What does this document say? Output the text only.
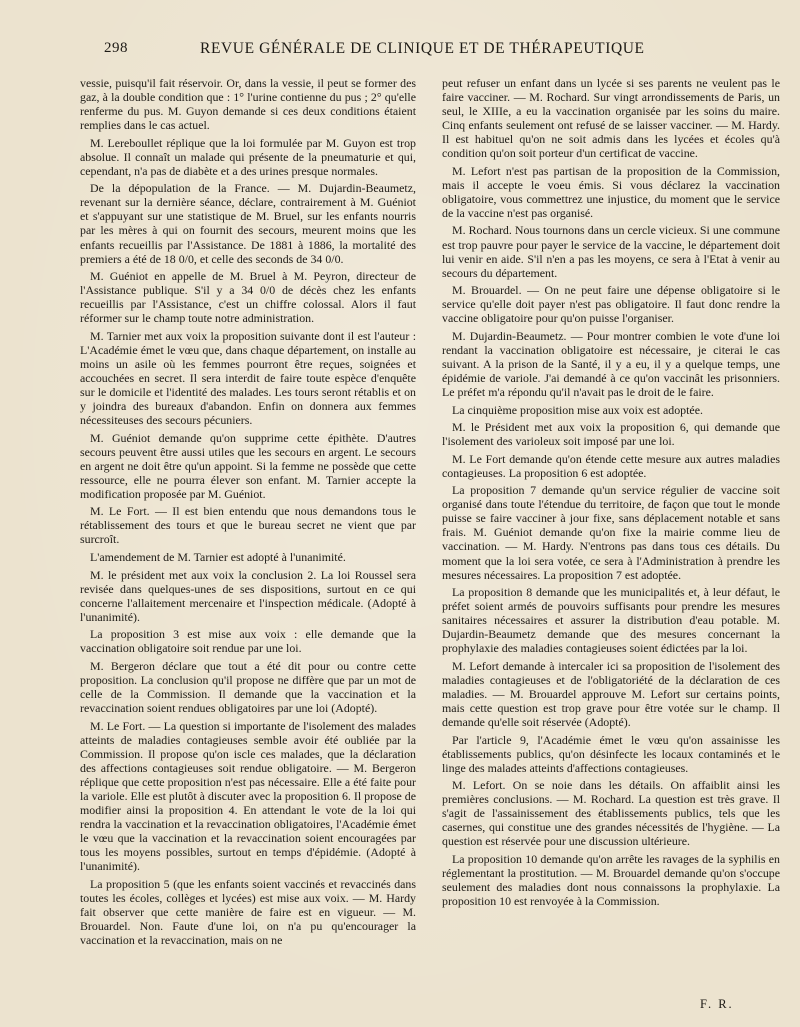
298	REVUE GÉNÉRALE DE CLINIQUE ET DE THÉRAPEUTIQUE

vessie, puisqu'il fait réservoir. Or, dans la vessie, il peut se former des gaz, à la double condition que : 1° l'urine contienne du pus ; 2° qu'elle renferme du pus. M. Guyon demande si ces deux conditions étaient remplies dans le cas actuel.

M. Lereboullet réplique que la loi formulée par M. Guyon est trop absolue. Il connaît un malade qui présente de la pneumaturie et qui, cependant, n'a pas de diabète et a des urines presque normales.

De la dépopulation de la France. — M. Dujardin-Beaumetz, revenant sur la dernière séance, déclare, contrairement à M. Guéniot et s'appuyant sur une statistique de M. Bruel, sur les enfants nourris par les mères à qui on fournit des secours, meurent moins que les enfants recueillis par l'Assistance. De 1881 à 1886, la mortalité des premiers a été de 18 0/0, et celle des seconds de 34 0/0.

M. Guéniot en appelle de M. Bruel à M. Peyron, directeur de l'Assistance publique. S'il y a 34 0/0 de décès chez les enfants recueillis par l'Assistance, c'est un chiffre colossal. Alors il faut réformer sur le champ toute notre administration.

M. Tarnier met aux voix la proposition suivante dont il est l'auteur : L'Académie émet le vœu que, dans chaque département, on installe au moins un asile où les femmes pourront être reçues, soignées et accouchées en secret. Il sera interdit de faire toute espèce d'enquête sur le domicile et l'identité des malades. Les tours seront rétablis et on y joindra des bureaux d'abandon. Enfin on donnera aux femmes nécessiteuses des secours pécuniers.

M. Guéniot demande qu'on supprime cette épithète. D'autres secours peuvent être aussi utiles que les secours en argent. Le secours en argent ne doit être qu'un appoint. Si la femme ne possède que cette ressource, elle ne pourra élever son enfant. M. Tarnier accepte la modification proposée par M. Guéniot.

M. Le Fort. — Il est bien entendu que nous demandons tous le rétablissement des tours et que le bureau secret ne vient que par surcroît.

L'amendement de M. Tarnier est adopté à l'unanimité.

M. le président met aux voix la conclusion 2. La loi Roussel sera revisée dans quelques-unes de ses dispositions, surtout en ce qui concerne l'allaitement mercenaire et l'inspection médicale. (Adopté à l'unanimité).

La proposition 3 est mise aux voix : elle demande que la vaccination obligatoire soit rendue par une loi.

M. Bergeron déclare que tout a été dit pour ou contre cette proposition. La conclusion qu'il propose ne diffère que par un mot de celle de la Commission. Il demande que la vaccination et la revaccination soient rendues obligatoires par une loi (Adopté).

M. Le Fort. — La question si importante de l'isolement des malades atteints de maladies contagieuses semble avoir été oubliée par la Commission. Il propose qu'on iscle ces malades, que la déclaration des affections contagieuses soit rendue obligatoire. — M. Bergeron réplique que cette proposition n'est pas nécessaire. Elle a été faite pour la variole. Elle est plutôt à discuter avec la proposition 6. Il propose de modifier ainsi la proposition 4. En attendant le vote de la loi qui rendra la vaccination et la revaccination obligatoires, l'Académie émet le vœu que la vaccination et la revaccination soient encouragées par tous les moyens possibles, surtout en temps d'épidémie. (Adopté à l'unanimité).

La proposition 5 (que les enfants soient vaccinés et revaccinés dans toutes les écoles, collèges et lycées) est mise aux voix. — M. Hardy fait observer que cette manière de faire est en vigueur. — M. Brouardel. Non. Faute d'une loi, on n'a pu qu'encourager la vaccination et la revaccination, mais on ne

peut refuser un enfant dans un lycée si ses parents ne veulent pas le faire vacciner. — M. Rochard. Sur vingt arrondissements de Paris, un seul, le XIIIe, a eu la vaccination organisée par les soins du maire. Cinq enfants seulement ont refusé de se laisser vacciner. — M. Hardy. Il est habituel qu'on ne soit admis dans les lycées et écoles qu'à condition qu'on soit porteur d'un certificat de vaccine.

M. Lefort n'est pas partisan de la proposition de la Commission, mais il accepte le voeu émis. Si vous déclarez la vaccination obligatoire, vous commettrez une injustice, du moment que le service de la vaccine n'est pas organisé.

M. Rochard. Nous tournons dans un cercle vicieux. Si une commune est trop pauvre pour payer le service de la vaccine, le département doit lui venir en aide. S'il n'en a pas les moyens, ce sera à l'Etat à venir au secours du département.

M. Brouardel. — On ne peut faire une dépense obligatoire si le service qu'elle doit payer n'est pas obligatoire. Il faut donc rendre la vaccine obligatoire pour qu'on puisse l'organiser.

M. Dujardin-Beaumetz. — Pour montrer combien le vote d'une loi rendant la vaccination obligatoire est nécessaire, je citerai le cas suivant. A la prison de la Santé, il y a eu, il y a quelque temps, une épidémie de variole. J'ai demandé à ce qu'on vaccinât les prisonniers. Le préfet m'a répondu qu'il n'avait pas le droit de le faire.

La cinquième proposition mise aux voix est adoptée.

M. le Président met aux voix la proposition 6, qui demande que l'isolement des varioleux soit imposé par une loi.

M. Le Fort demande qu'on étende cette mesure aux autres maladies contagieuses. La proposition 6 est adoptée.

La proposition 7 demande qu'un service régulier de vaccine soit organisé dans toute l'étendue du territoire, de façon que tout le monde puisse se faire vacciner à jour fixe, sans déplacement notable et sans frais. M. Guéniot demande qu'on fixe la mairie comme lieu de vaccination. — M. Hardy. N'entrons pas dans tous ces détails. Du moment que la loi sera votée, ce sera à l'Administration à prendre les mesures nécessaires. La proposition 7 est adoptée.

La proposition 8 demande que les municipalités et, à leur défaut, le préfet soient armés de pouvoirs suffisants pour prendre les mesures sanitaires nécessaires et assurer la distribution d'eau potable. M. Dujardin-Beaumetz demande que des mesures concernant la prophylaxie des maladies contagieuses soient édictées par la loi.

M. Lefort demande à intercaler ici sa proposition de l'isolement des maladies contagieuses et de l'obligatoriété de la déclaration de ces maladies. — M. Brouardel approuve M. Lefort sur certains points, mais cette question est trop grave pour être votée sur le champ. Il demande qu'elle soit réservée (Adopté).

Par l'article 9, l'Académie émet le vœu qu'on assainisse les établissements publics, qu'on désinfecte les locaux contaminés et le linge des malades atteints d'affections contagieuses.

M. Lefort. On se noie dans les détails. On affaiblit ainsi les premières conclusions. — M. Rochard. La question est très grave. Il s'agit de l'assainissement des établissements publics, tels que les casernes, qui constitue une des grandes nécessités de l'hygiène. — La question est réservée pour une discussion ultérieure.

La proposition 10 demande qu'on arrête les ravages de la syphilis en réglementant la prostitution. — M. Brouardel demande qu'on s'occupe seulement des maladies dont nous connaissons la prophylaxie. La proposition 10 est renvoyée à la Commission.

F. R.
